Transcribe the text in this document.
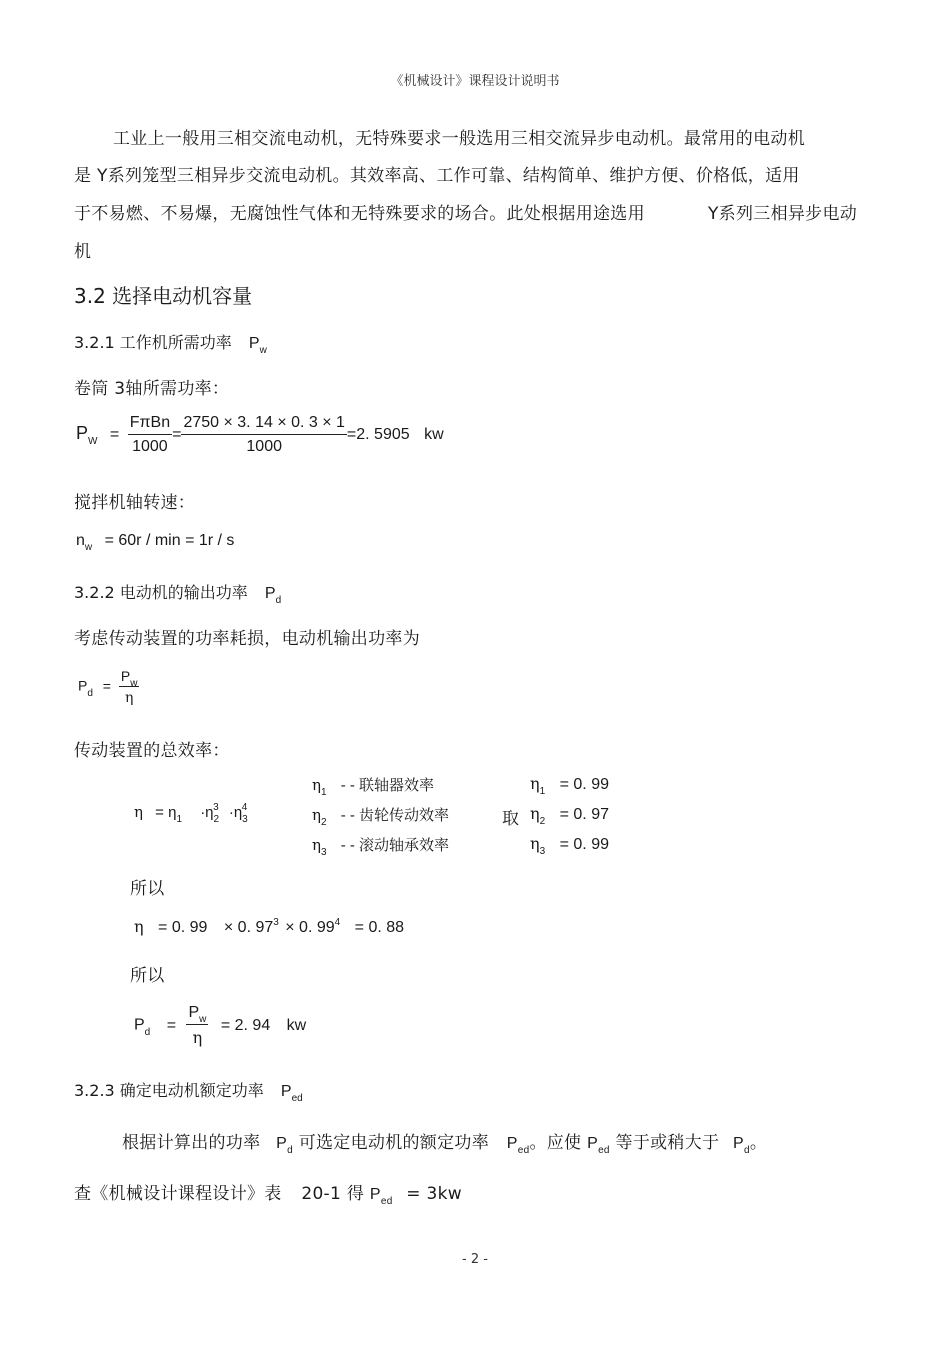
《机械设计》课程设计说明书
工业上一般用三相交流电动机，无特殊要求一般选用三相交流异步电动机。最常用的电动机
是 Y系列笼型三相异步交流电动机。其效率高、工作可靠、结构简单、维护方便、价格低，适用
于不易燃、不易爆，无腐蚀性气体和无特殊要求的场合。此处根据用途选用	Y系列三相异步电动
机
3.2 选择电动机容量
3.2.1 工作机所需功率 $P_w$
卷筒 3轴所需功率：
$P_W = \frac{\text{FπBn}}{1000} = \frac{2750 \times 3. 14 \times 0. 3 \times 1}{1000} =2$. 5905 kw
搅拌机轴转速：
$n_w = 60r / \min = 1r / s$
3.2.2 电动机的输出功率 $P_d$
考虑传动装置的功率耗损，电动机输出功率为
$P_d = \frac{P_w}{\eta}$
传动装置的总效率：
$\eta = \eta_1 \cdot\eta_2^3 \cdot\eta_3^4$
$\eta_1$ - - 联轴器效率
$\eta_2$ - - 齿轮传动效率
$\eta_3$ - - 滚动轴承效率
取
$\eta_1 = 0$. 99
$\eta_2 = 0$. 97
$\eta_3 = 0$. 99
所以
η = 0. 99 × 0. $97^3 \times 0$. $99^4 = 0$. 88
所以
$P_d = \frac{P_w}{\eta} = 2$. 94 kw
3.2.3 确定电动机额定功率 $P_{ed}$
根据计算出的功率 $P_d$ 可选定电动机的额定功率 $P_{ed}$。应使 $P_{ed}$ 等于或稍大于 $P_d$。
查《机械设计课程设计》表 20-1 得 $P_{ed} = 3kw$
- 2 -
